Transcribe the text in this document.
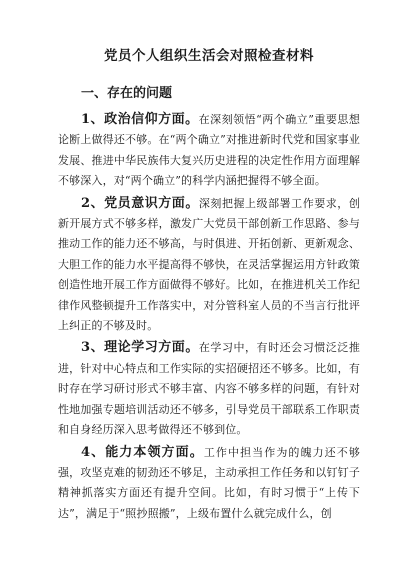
党员个人组织生活会对照检查材料
一、存在的问题

1、政治信仰方面。在深刻领悟“两个确立”重要思想论断上做得还不够。在“两个确立”对推进新时代党和国家事业发展、推进中华民族伟大复兴历史进程的决定性作用方面理解不够深入，对“两个确立”的科学内涵把握得不够全面。

2、党员意识方面。深刻把握上级部署工作要求，创新开展方式不够多样，激发广大党员干部创新工作思路、参与推动工作的能力还不够高，与时俱进、开拓创新、更新观念、大胆工作的能力水平提高得不够快，在灵活掌握运用方针政策创造性地开展工作方面做得不够好。比如，在推进机关工作纪律作风整顿提升工作落实中，对分管科室人员的不当言行批评上纠正的不够及时。

3、理论学习方面。在学习中，有时还会习惯泛泛推进，针对中心特点和工作实际的实招硬招还不够多。比如，有时存在学习研讨形式不够丰富、内容不够多样的问题，有针对性地加强专题培训活动还不够多，引导党员干部联系工作职责和自身经历深入思考做得还不够到位。

4、能力本领方面。工作中担当作为的魄力还不够强，攻坚克难的韧劲还不够足，主动承担工作任务和以钉钉子精神抓落实方面还有提升空间。比如，有时习惯于“上传下达”，满足于“照抄照搬”，上级布置什么就完成什么，创
